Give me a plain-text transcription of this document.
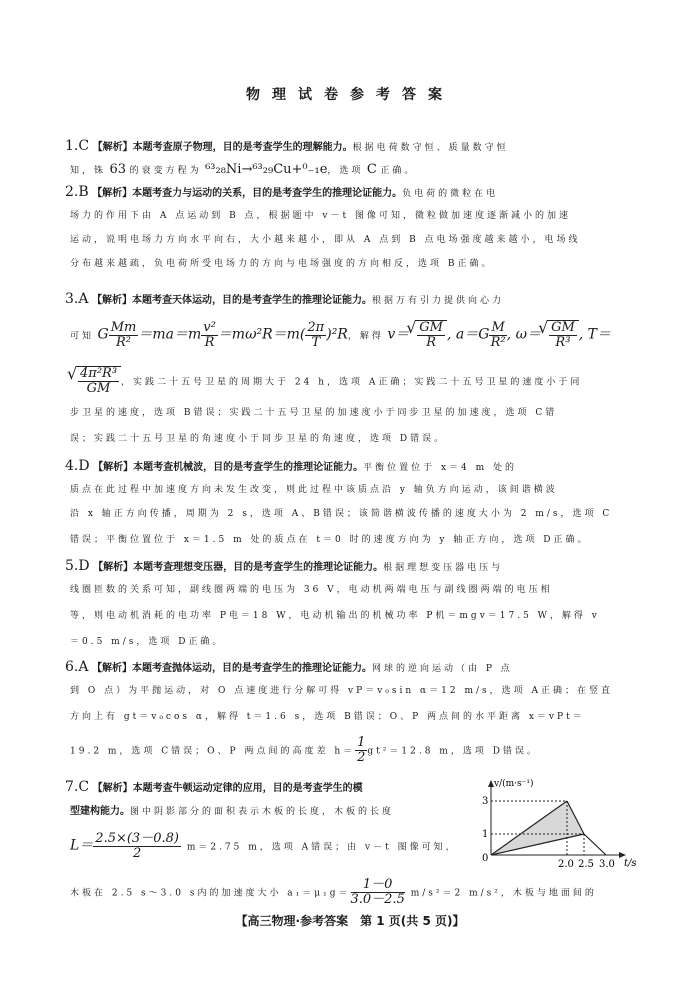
物理试卷参考答案
1.C 【解析】本题考查原子物理，目的是考查学生的理解能力。根据电荷数守恒、质量数守恒
知，铢 63 的衰变方程为 ⁶³₂₈Ni→⁶³₂₉Cu+⁰₋₁e，选项 C 正确。
2.B 【解析】本题考查力与运动的关系，目的是考查学生的推理论证能力。负电荷的微粒在电
场力的作用下由 A 点运动到 B 点，根据题中 v－t 图像可知，微粒做加速度逐渐减小的加速
运动，说明电场力方向水平向右，大小越来越小，即从 A 点到 B 点电场强度越来越小，电场线
分布越来越疏，负电荷所受电场力的方向与电场强度的方向相反，选项 B正确。
3.A 【解析】本题考查天体运动，目的是考查学生的推理论证能力。根据万有引力提供向心力
可知 G $\frac{Mm}{\text{R²}} =ma=m \frac{\text{v²}}{R} =m\omega^2R=m( \frac{2\pi}{T} )^2R$，解得 v＝ √ $\frac{GM}{R}$ , $a=G \frac{M}{\text{R²}}$ , ω＝ √ $\frac{GM}{\text{R³}}$ , T＝
√ $\frac{\text{4π²R³}}{GM}$ ，实践二十五号卫星的周期大于 24 h，选项 A正确；实践二十五号卫星的速度小于同
步卫星的速度，选项 B错误；实践二十五号卫星的加速度小于同步卫星的加速度，选项 C错
误；实践二十五号卫星的角速度小于同步卫星的角速度，选项 D错误。
4.D 【解析】本题考查机械波，目的是考查学生的推理论证能力。平衡位置位于 x＝4 m 处的
质点在此过程中加速度方向未发生改变，则此过程中该质点沿 y 轴负方向运动，该间谐横波
沿 x 轴正方向传播，周期为 2 s，选项 A、B错误；该简谐横波传播的速度大小为 2 m/s，选项 C
错误；平衡位置位于 x＝1.5 m 处的质点在 t＝0 时的速度方向为 y 轴正方向，选项 D正确。
5.D 【解析】本题考查理想变压器，目的是考查学生的推理论证能力。根据理想变压器电压与
线圈匝数的关系可知，副线圈两端的电压为 36 V，电动机两端电压与副线圈两端的电压相
等，则电动机消耗的电功率 P电＝18 W，电动机输出的机械功率 P机＝mgv＝17.5 W，解得 v
＝0.5 m/s，选项 D正确。
6.A 【解析】本题考查抛体运动，目的是考查学生的推理论证能力。网球的逆向运动（由 P 点
到 O 点）为平抛运动，对 O 点速度进行分解可得 vP＝v₀sin α＝12 m/s，选项 A正确；在竖直
方向上有 gt＝v₀cos α，解得 t＝1.6 s，选项 B错误；O、P 两点间的水平距离 x＝vPt＝
19.2 m，选项 C错误；O、P 两点间的高度差 $h= \frac{1}{2} gt^2=12.8$ m，选项 D错误。
7.C 【解析】本题考查牛顿运动定律的应用，目的是考查学生的模
型建构能力。图中阴影部分的面积表示木板的长度，木板的长度
$L= \frac{2.5\times(3-0.8)}{2} m=2.75$ m，选项 A错误；由 v－t 图像可知，
木板在 2.5 s～3.0 s内的加速度大小 $a_1=\mu_1g= \frac{1-0}{3.0-2.5} m/s^2=2$ m/s²，木板与地面间的
v/(m·s⁻¹)
t/s
3
1
0
2.0 2.5 3.0
【高三物理·参考答案　第 1 页(共 5 页)】
